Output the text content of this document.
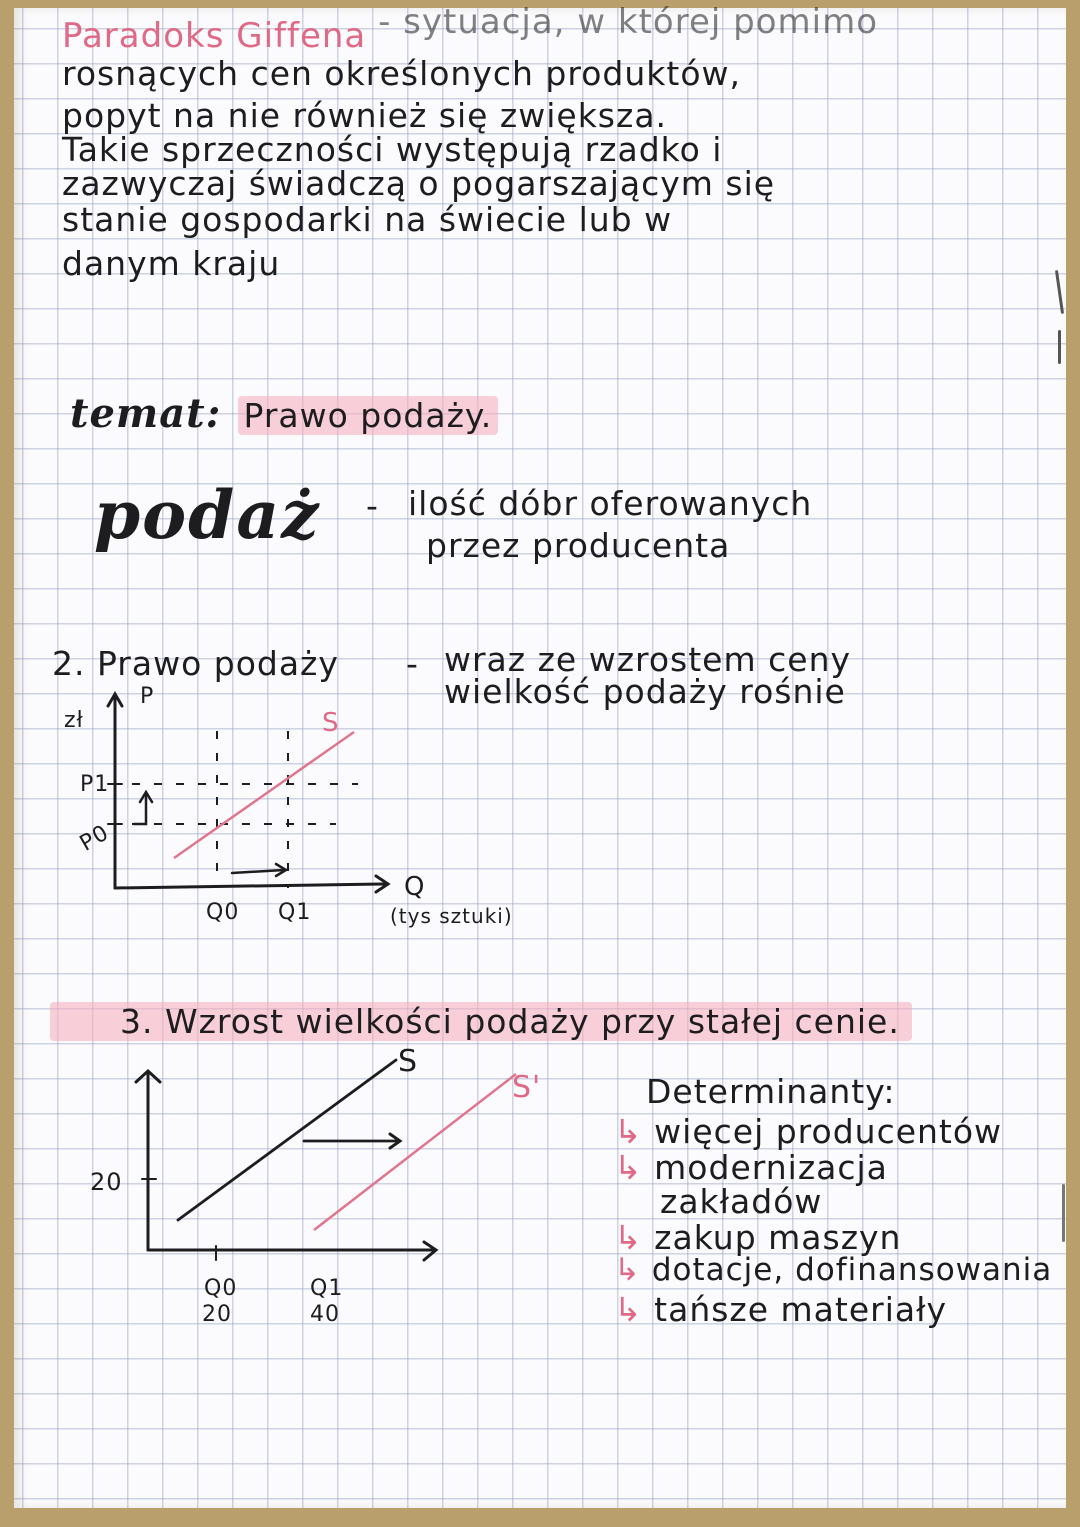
Paradoks Giffena - sytuacja, w której pomimo
rosnących cen określonych produktów,
popyt na nie również się zwiększa.
Takie sprzeczności występują rzadko i
zazwyczaj świadczą o pogarszającym się
stanie gospodarki na świecie lub w
danym kraju
temat: Prawo podaży.
podaż - ilość dóbr oferowanych
przez producenta
2. Prawo podaży - wraz ze wzrostem ceny
wielkość podaży rośnie
zł
P
P1
P0
S
Q
(tys sztuki)
Q0 Q1
3. Wzrost wielkości podaży przy stałej cenie.
20
S
S'
Q0
20
Q1
40
Determinanty:
↳ więcej producentów
↳ modernizacja
zakładów
↳ zakup maszyn
↳ dotacje, dofinansowania
↳ tańsze materiały
